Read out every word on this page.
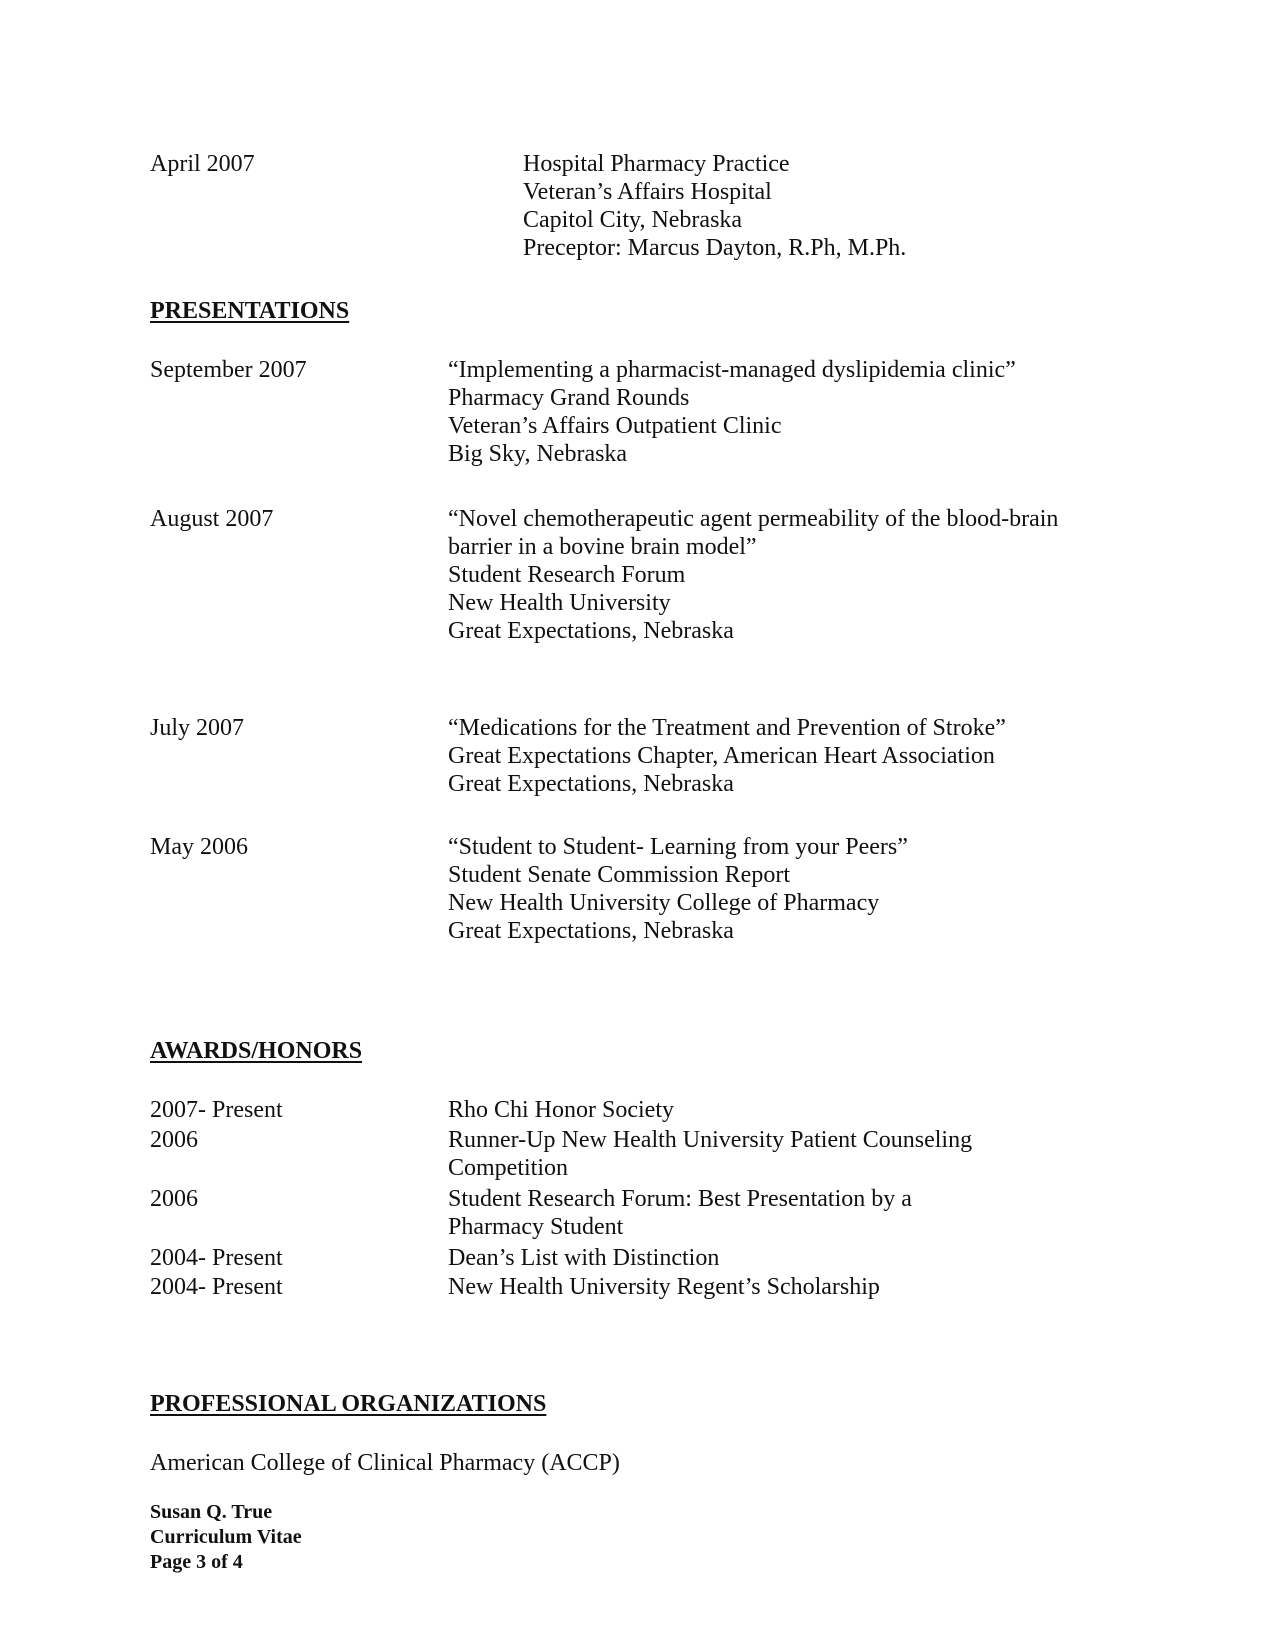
April 2007	Hospital Pharmacy Practice
Veteran’s Affairs Hospital
Capitol City, Nebraska
Preceptor: Marcus Dayton, R.Ph, M.Ph.
PRESENTATIONS
September 2007	“Implementing a pharmacist-managed dyslipidemia clinic”
Pharmacy Grand Rounds
Veteran’s Affairs Outpatient Clinic
Big Sky, Nebraska
August 2007	“Novel chemotherapeutic agent permeability of the blood-brain
barrier in a bovine brain model”
Student Research Forum
New Health University
Great Expectations, Nebraska
July 2007	“Medications for the Treatment and Prevention of Stroke”
Great Expectations Chapter, American Heart Association
Great Expectations, Nebraska
May 2006	“Student to Student- Learning from your Peers”
Student Senate Commission Report
New Health University College of Pharmacy
Great Expectations, Nebraska
AWARDS/HONORS
2007- Present	Rho Chi Honor Society
2006	Runner-Up New Health University Patient Counseling
Competition
2006	Student Research Forum: Best Presentation by a
Pharmacy Student
2004- Present	Dean’s List with Distinction
2004- Present	New Health University Regent’s Scholarship
PROFESSIONAL ORGANIZATIONS
American College of Clinical Pharmacy (ACCP)
Susan Q. True
Curriculum Vitae
Page 3 of 4
